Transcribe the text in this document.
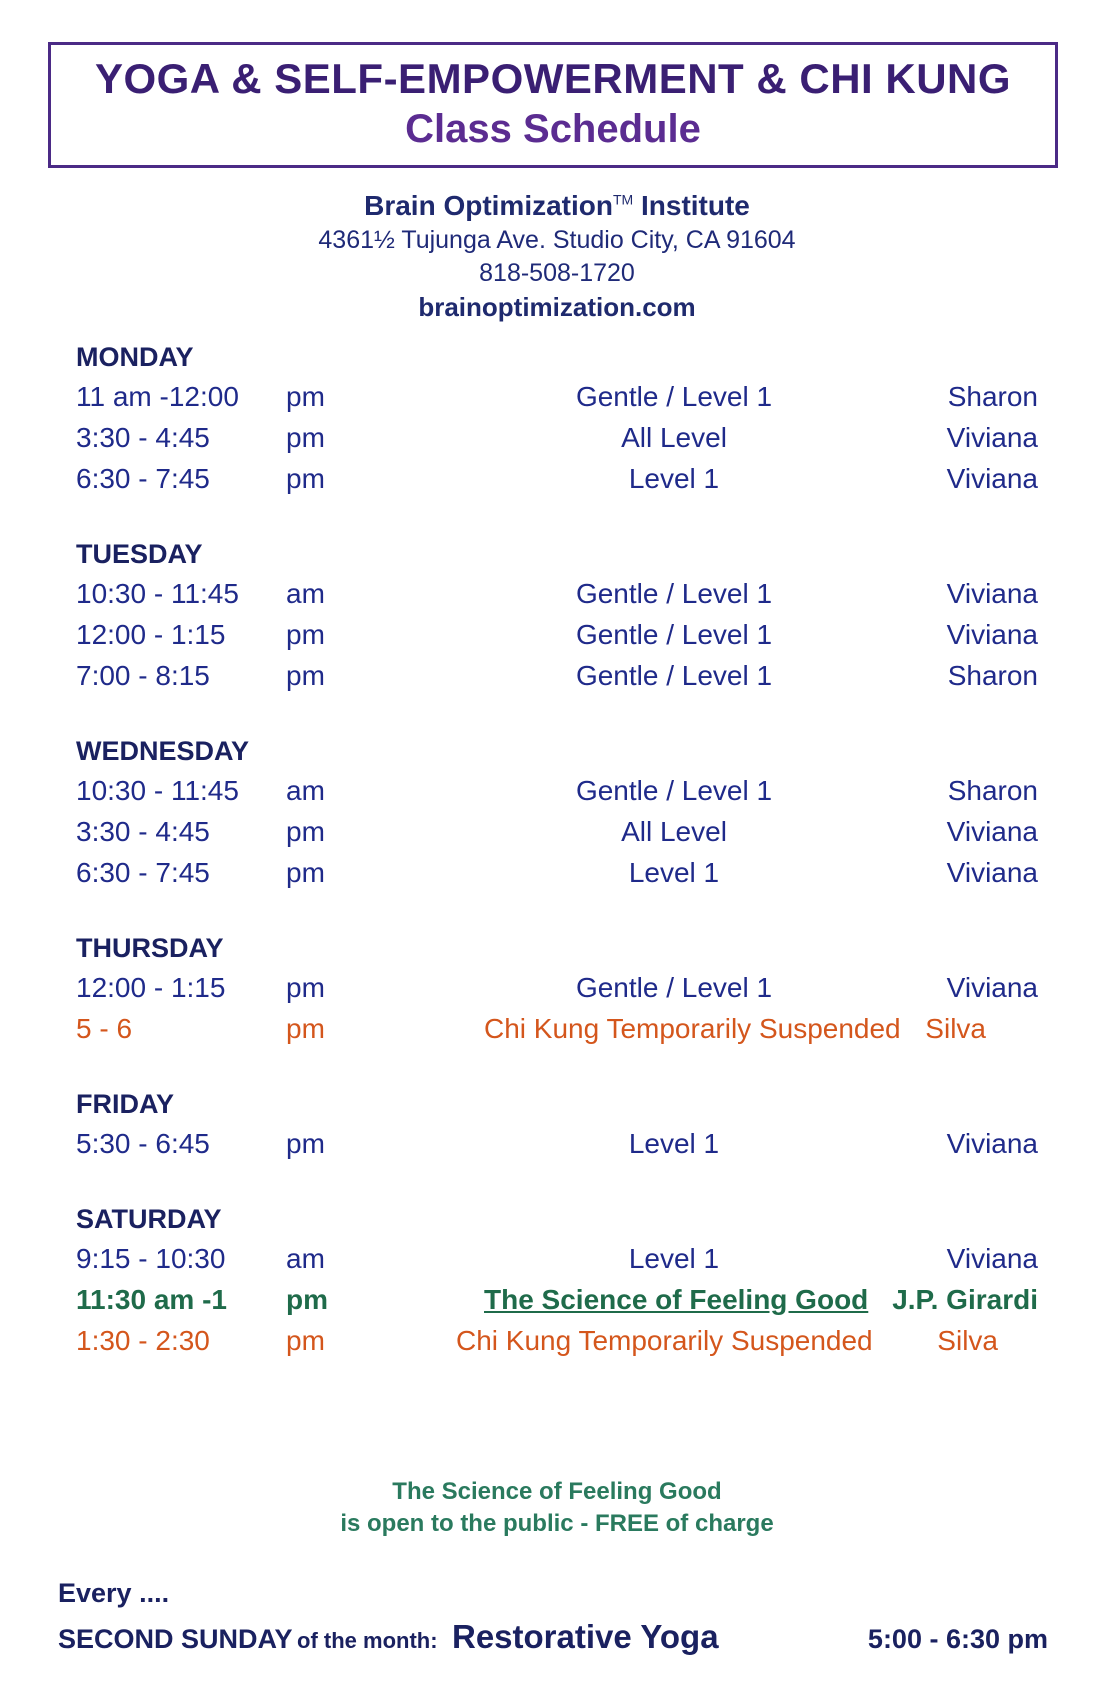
YOGA & SELF-EMPOWERMENT & CHI KUNG
Class Schedule
Brain Optimization™ Institute
4361½ Tujunga Ave. Studio City, CA 91604
818-508-1720
brainoptimization.com
MONDAY
11 am -12:00 pm	Gentle / Level 1	Sharon
3:30 - 4:45	pm	All Level	Viviana
6:30 - 7:45	pm	Level 1	Viviana
TUESDAY
10:30 - 11:45 am	Gentle / Level 1	Viviana
12:00 - 1:15 pm	Gentle / Level 1	Viviana
7:00 - 8:15	pm	Gentle / Level 1	Sharon
WEDNESDAY
10:30 - 11:45 am	Gentle / Level 1	Sharon
3:30 - 4:45	pm	All Level	Viviana
6:30 - 7:45	pm	Level 1	Viviana
THURSDAY
12:00 - 1:15 pm	Gentle / Level 1	Viviana
5 - 6	pm	Chi Kung Temporarily Suspended Silva
FRIDAY
5:30 - 6:45	pm	Level 1	Viviana
SATURDAY
9:15 - 10:30 am	Level 1	Viviana
11:30 am -1 pm	The Science of Feeling Good J.P. Girardi
1:30 - 2:30	pm	Chi Kung Temporarily Suspended Silva
The Science of Feeling Good
is open to the public - FREE of charge
Every ....
SECOND SUNDAY of the month: Restorative Yoga	5:00 - 6:30 pm
